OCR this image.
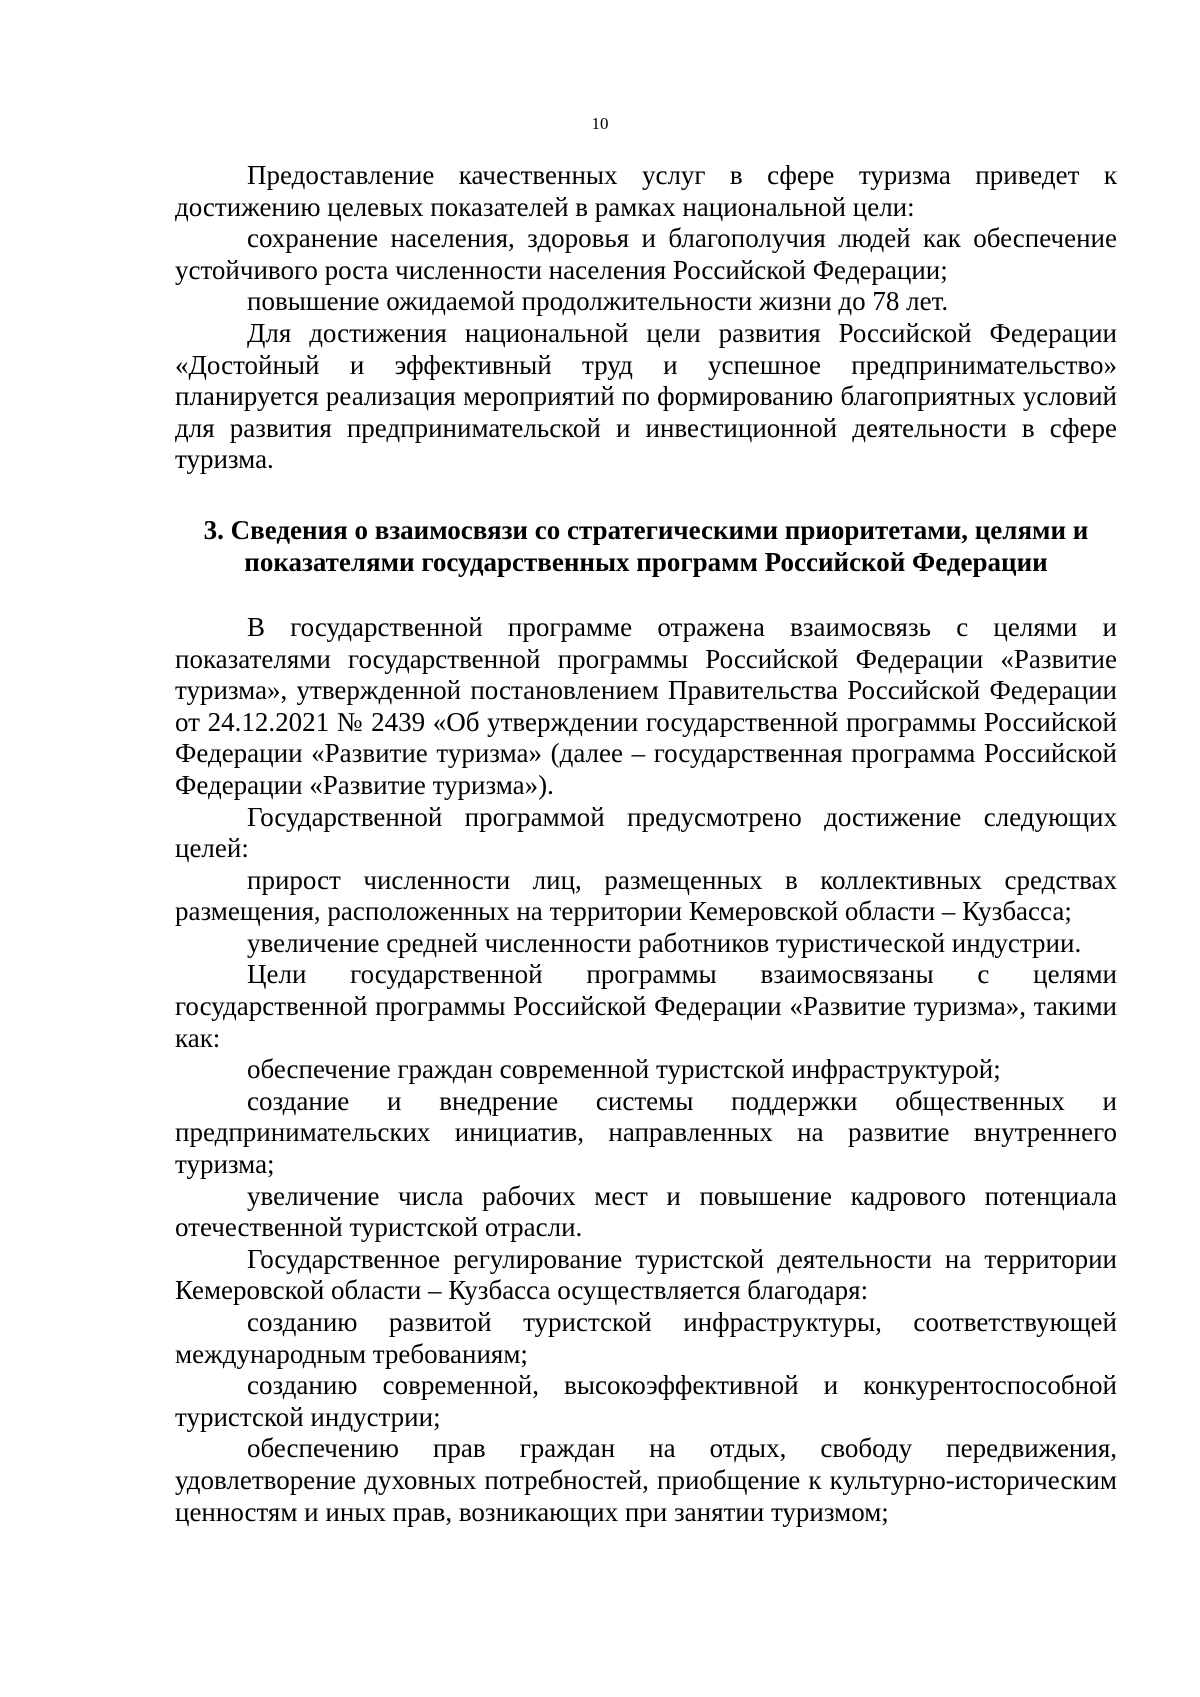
10

Предоставление качественных услуг в сфере туризма приведет к достижению целевых показателей в рамках национальной цели:

сохранение населения, здоровья и благополучия людей как обеспечение устойчивого роста численности населения Российской Федерации;

повышение ожидаемой продолжительности жизни до 78 лет.

Для достижения национальной цели развития Российской Федерации «Достойный и эффективный труд и успешное предпринимательство» планируется реализация мероприятий по формированию благоприятных условий для развития предпринимательской и инвестиционной деятельности в сфере туризма.

3. Сведения о взаимосвязи со стратегическими приоритетами, целями и показателями государственных программ Российской Федерации

В государственной программе отражена взаимосвязь с целями и показателями государственной программы Российской Федерации «Развитие туризма», утвержденной постановлением Правительства Российской Федерации от 24.12.2021 № 2439 «Об утверждении государственной программы Российской Федерации «Развитие туризма» (далее – государственная программа Российской Федерации «Развитие туризма»).

Государственной программой предусмотрено достижение следующих целей:

прирост численности лиц, размещенных в коллективных средствах размещения, расположенных на территории Кемеровской области – Кузбасса;

увеличение средней численности работников туристической индустрии.

Цели государственной программы взаимосвязаны с целями государственной программы Российской Федерации «Развитие туризма», такими как:

обеспечение граждан современной туристской инфраструктурой;

создание и внедрение системы поддержки общественных и предпринимательских инициатив, направленных на развитие внутреннего туризма;

увеличение числа рабочих мест и повышение кадрового потенциала отечественной туристской отрасли.

Государственное регулирование туристской деятельности на территории Кемеровской области – Кузбасса осуществляется благодаря:

созданию развитой туристской инфраструктуры, соответствующей международным требованиям;

созданию современной, высокоэффективной и конкурентоспособной туристской индустрии;

обеспечению прав граждан на отдых, свободу передвижения, удовлетворение духовных потребностей, приобщение к культурно-историческим ценностям и иных прав, возникающих при занятии туризмом;
